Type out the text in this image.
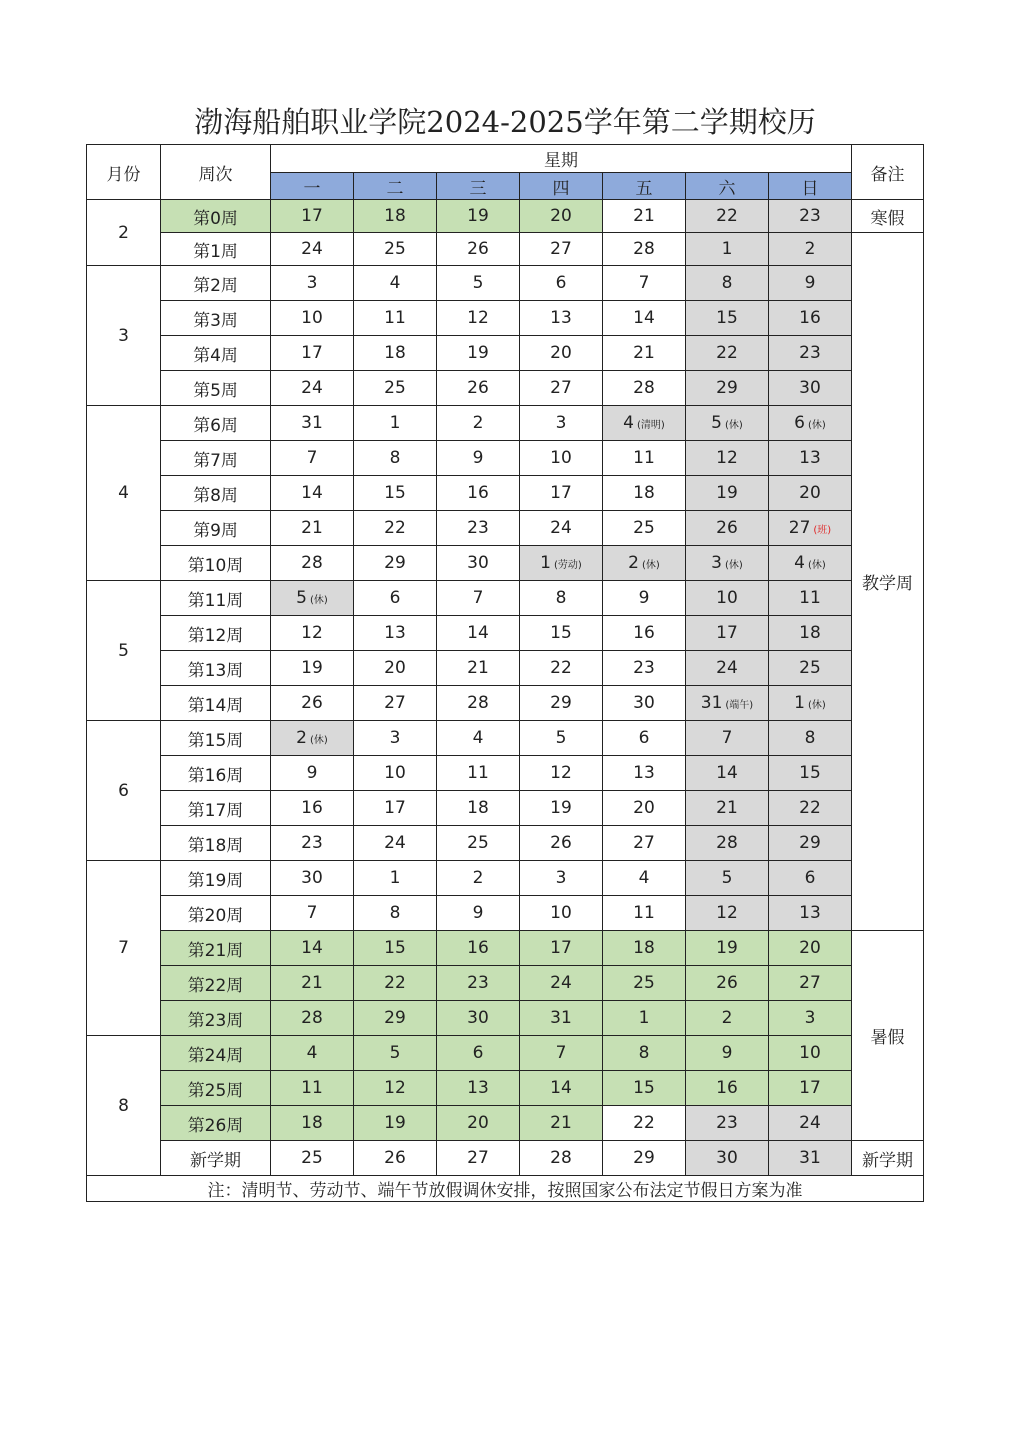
渤海船舶职业学院2024-2025学年第二学期校历
月份	周次	星期							备注
		一	二	三	四	五	六	日	
2	第0周	17	18	19	20	21	22	23	寒假
	第1周	24	25	26	27	28	1	2	教学周
3	第2周	3	4	5	6	7	8	9	
	第3周	10	11	12	13	14	15	16	
	第4周	17	18	19	20	21	22	23	
	第5周	24	25	26	27	28	29	30	
4	第6周	31	1	2	3	4 (清明)	5 (休)	6 (休)	
	第7周	7	8	9	10	11	12	13	
	第8周	14	15	16	17	18	19	20	
	第9周	21	22	23	24	25	26	27 (班)	
	第10周	28	29	30	1 (劳动)	2 (休)	3 (休)	4 (休)	
5	第11周	5 (休)	6	7	8	9	10	11	
	第12周	12	13	14	15	16	17	18	
	第13周	19	20	21	22	23	24	25	
	第14周	26	27	28	29	30	31 (端午)	1 (休)	
6	第15周	2 (休)	3	4	5	6	7	8	
	第16周	9	10	11	12	13	14	15	
	第17周	16	17	18	19	20	21	22	
	第18周	23	24	25	26	27	28	29	
7	第19周	30	1	2	3	4	5	6	
	第20周	7	8	9	10	11	12	13	
	第21周	14	15	16	17	18	19	20	暑假
	第22周	21	22	23	24	25	26	27	
	第23周	28	29	30	31	1	2	3	
8	第24周	4	5	6	7	8	9	10	
	第25周	11	12	13	14	15	16	17	
	第26周	18	19	20	21	22	23	24	
	新学期	25	26	27	28	29	30	31	新学期
注：清明节、劳动节、端午节放假调休安排，按照国家公布法定节假日方案为准									
